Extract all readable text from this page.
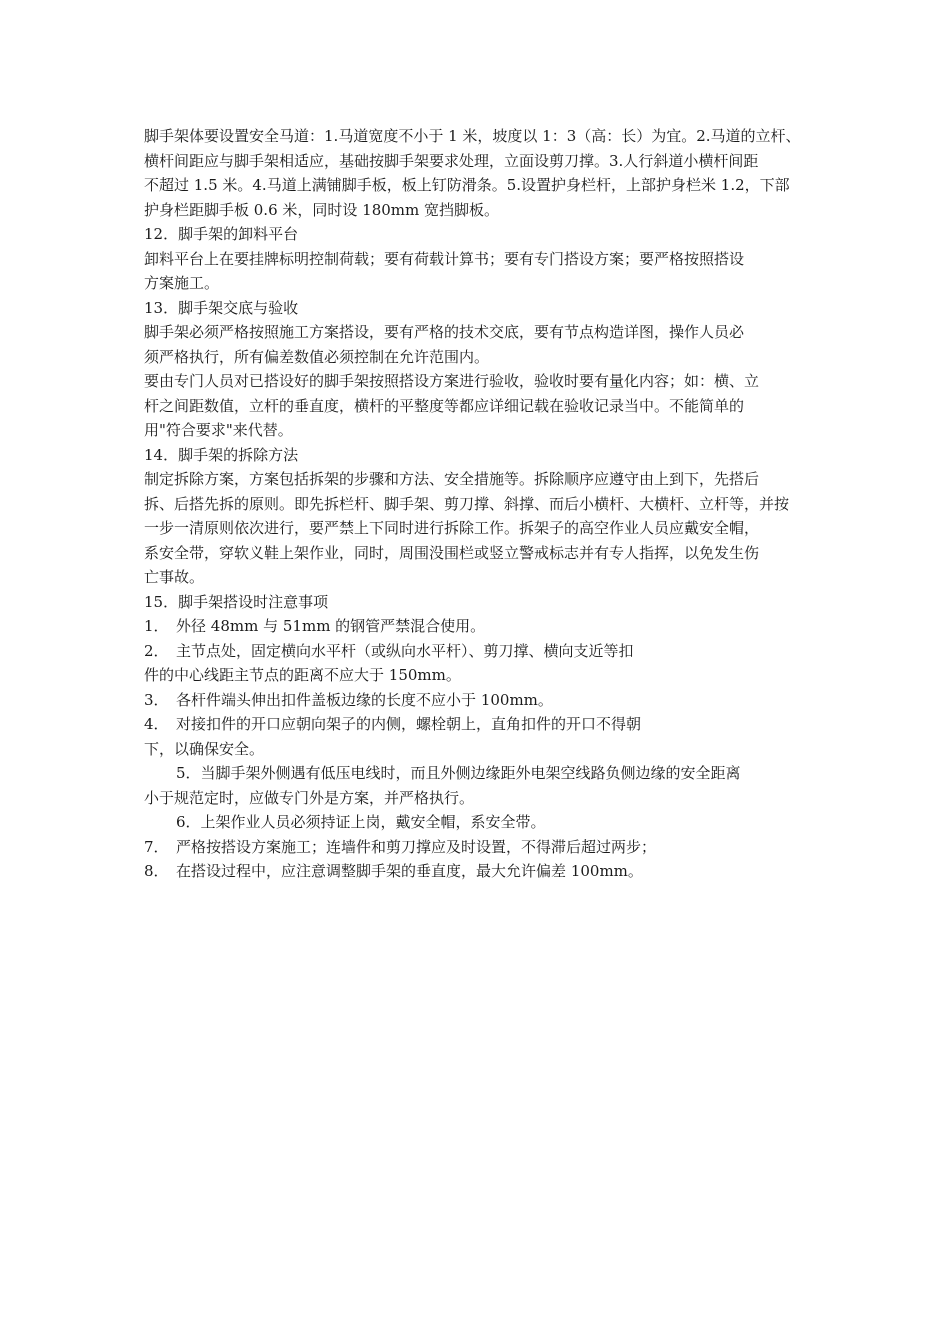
脚手架体要设置安全马道：1.马道宽度不小于 1 米，坡度以 1：3（高：长）为宜。2.马道的立杆、
横杆间距应与脚手架相适应，基础按脚手架要求处理，立面设剪刀撑。3.人行斜道小横杆间距
不超过 1.5 米。4.马道上满铺脚手板，板上钉防滑条。5.设置护身栏杆，上部护身栏米 1.2，下部
护身栏距脚手板 0.6 米，同时设 180mm 宽挡脚板。
12．脚手架的卸料平台
卸料平台上在要挂牌标明控制荷载；要有荷载计算书；要有专门搭设方案；要严格按照搭设
方案施工。
13．脚手架交底与验收
脚手架必须严格按照施工方案搭设，要有严格的技术交底，要有节点构造详图，操作人员必
须严格执行，所有偏差数值必须控制在允许范围内。
要由专门人员对已搭设好的脚手架按照搭设方案进行验收，验收时要有量化内容；如：横、立
杆之间距数值，立杆的垂直度，横杆的平整度等都应详细记载在验收记录当中。不能简单的
用"符合要求"来代替。
14．脚手架的拆除方法
制定拆除方案，方案包括拆架的步骤和方法、安全措施等。拆除顺序应遵守由上到下，先搭后
拆、后搭先拆的原则。即先拆栏杆、脚手架、剪刀撑、斜撑、而后小横杆、大横杆、立杆等，并按
一步一清原则依次进行，要严禁上下同时进行拆除工作。拆架子的高空作业人员应戴安全帽，
系安全带，穿软义鞋上架作业，同时，周围没围栏或竖立警戒标志并有专人指挥，以免发生伤
亡事故。
15．脚手架搭设时注意事项
1．　外径 48mm 与 51mm 的钢管严禁混合使用。
2．　主节点处，固定横向水平杆（或纵向水平杆）、剪刀撑、横向支近等扣
件的中心线距主节点的距离不应大于 150mm。
3．　各杆件端头伸出扣件盖板边缘的长度不应小于 100mm。
4．　对接扣件的开口应朝向架子的内侧，螺栓朝上，直角扣件的开口不得朝
下，以确保安全。
5．当脚手架外侧遇有低压电线时，而且外侧边缘距外电架空线路负侧边缘的安全距离
小于规范定时，应做专门外是方案，并严格执行。
6．上架作业人员必须持证上岗，戴安全帽，系安全带。
7．　严格按搭设方案施工；连墙件和剪刀撑应及时设置，不得滞后超过两步；
8．　在搭设过程中，应注意调整脚手架的垂直度，最大允许偏差 100mm。
